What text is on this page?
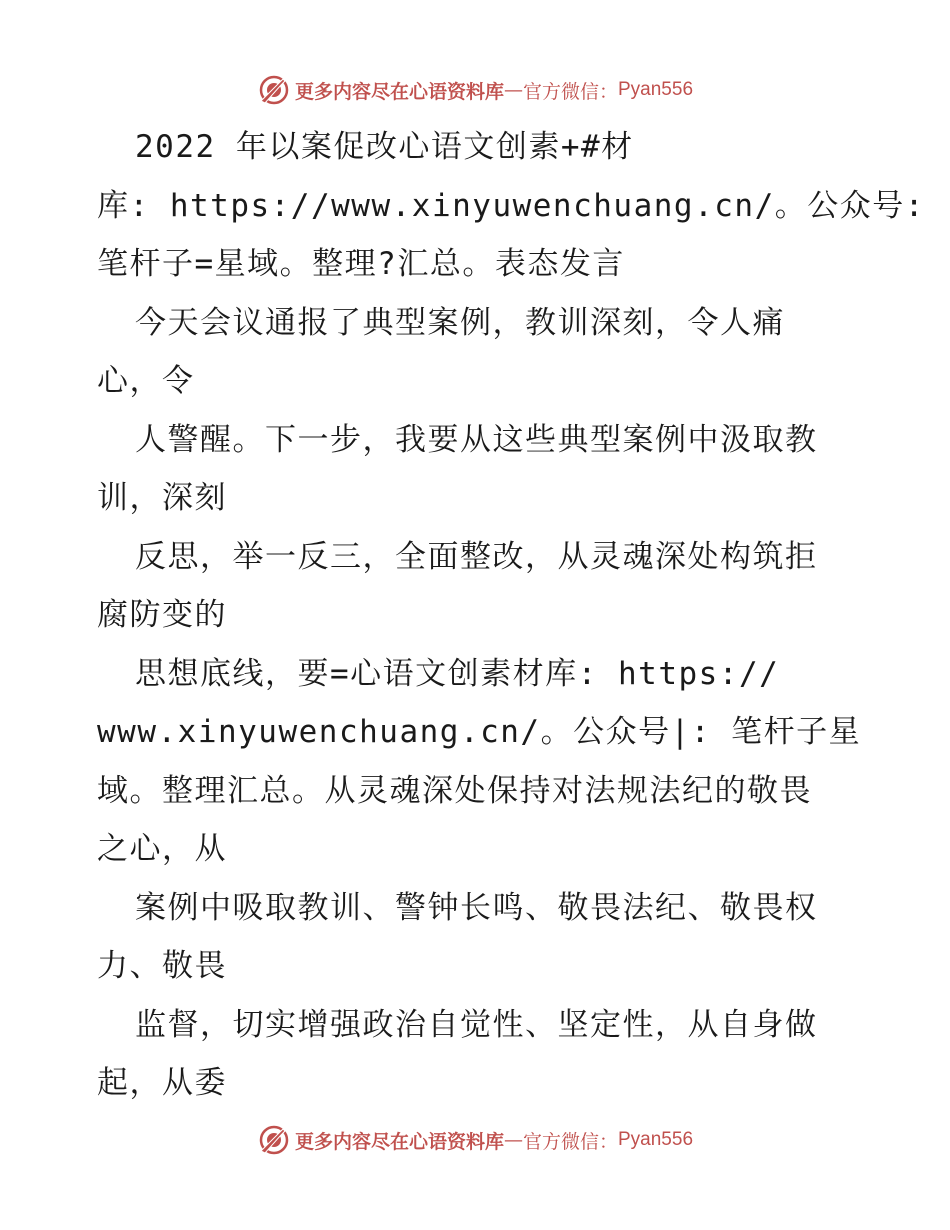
更多内容尽在心语资料库 — 官方微信： Pyan556
2022 年以案促改心语文创素+#材
库: https://www.xinyuwenchuang.cn/。公众号:
笔杆子=星域。整理?汇总。表态发言
今天会议通报了典型案例，教训深刻，令人痛
心，令
人警醒。下一步，我要从这些典型案例中汲取教
训，深刻
反思，举一反三，全面整改，从灵魂深处构筑拒
腐防变的
思想底线，要=心语文创素材库: https://
www.xinyuwenchuang.cn/。公众号|: 笔杆子星
域。整理汇总。从灵魂深处保持对法规法纪的敬畏
之心，从
案例中吸取教训、警钟长鸣、敬畏法纪、敬畏权
力、敬畏
监督，切实增强政治自觉性、坚定性，从自身做
起，从委
更多内容尽在心语资料库 — 官方微信： Pyan556
